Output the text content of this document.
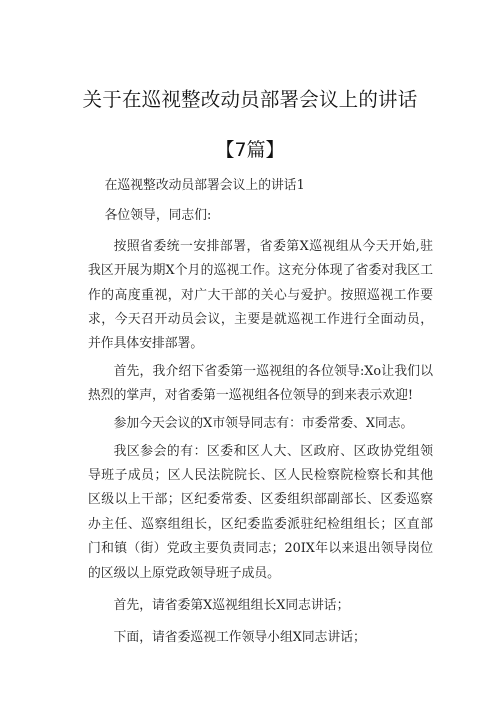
关于在巡视整改动员部署会议上的讲话
【7篇】

在巡视整改动员部署会议上的讲话1

各位领导，同志们:

按照省委统一安排部署，省委第X巡视组从今天开始,驻我区开展为期X个月的巡视工作。这充分体现了省委对我区工作的高度重视，对广大干部的关心与爱护。按照巡视工作要求，今天召开动员会议，主要是就巡视工作进行全面动员，并作具体安排部署。

首先，我介绍下省委第一巡视组的各位领导:Xo让我们以热烈的掌声，对省委第一巡视组各位领导的到来表示欢迎!

参加今天会议的X市领导同志有：市委常委、X同志。

我区参会的有：区委和区人大、区政府、区政协党组领导班子成员；区人民法院院长、区人民检察院检察长和其他区级以上干部；区纪委常委、区委组织部副部长、区委巡察办主任、巡察组组长，区纪委监委派驻纪检组组长；区直部门和镇（街）党政主要负责同志；20IX年以来退出领导岗位的区级以上原党政领导班子成员。

首先，请省委第X巡视组组长X同志讲话；

下面，请省委巡视工作领导小组X同志讲话；
